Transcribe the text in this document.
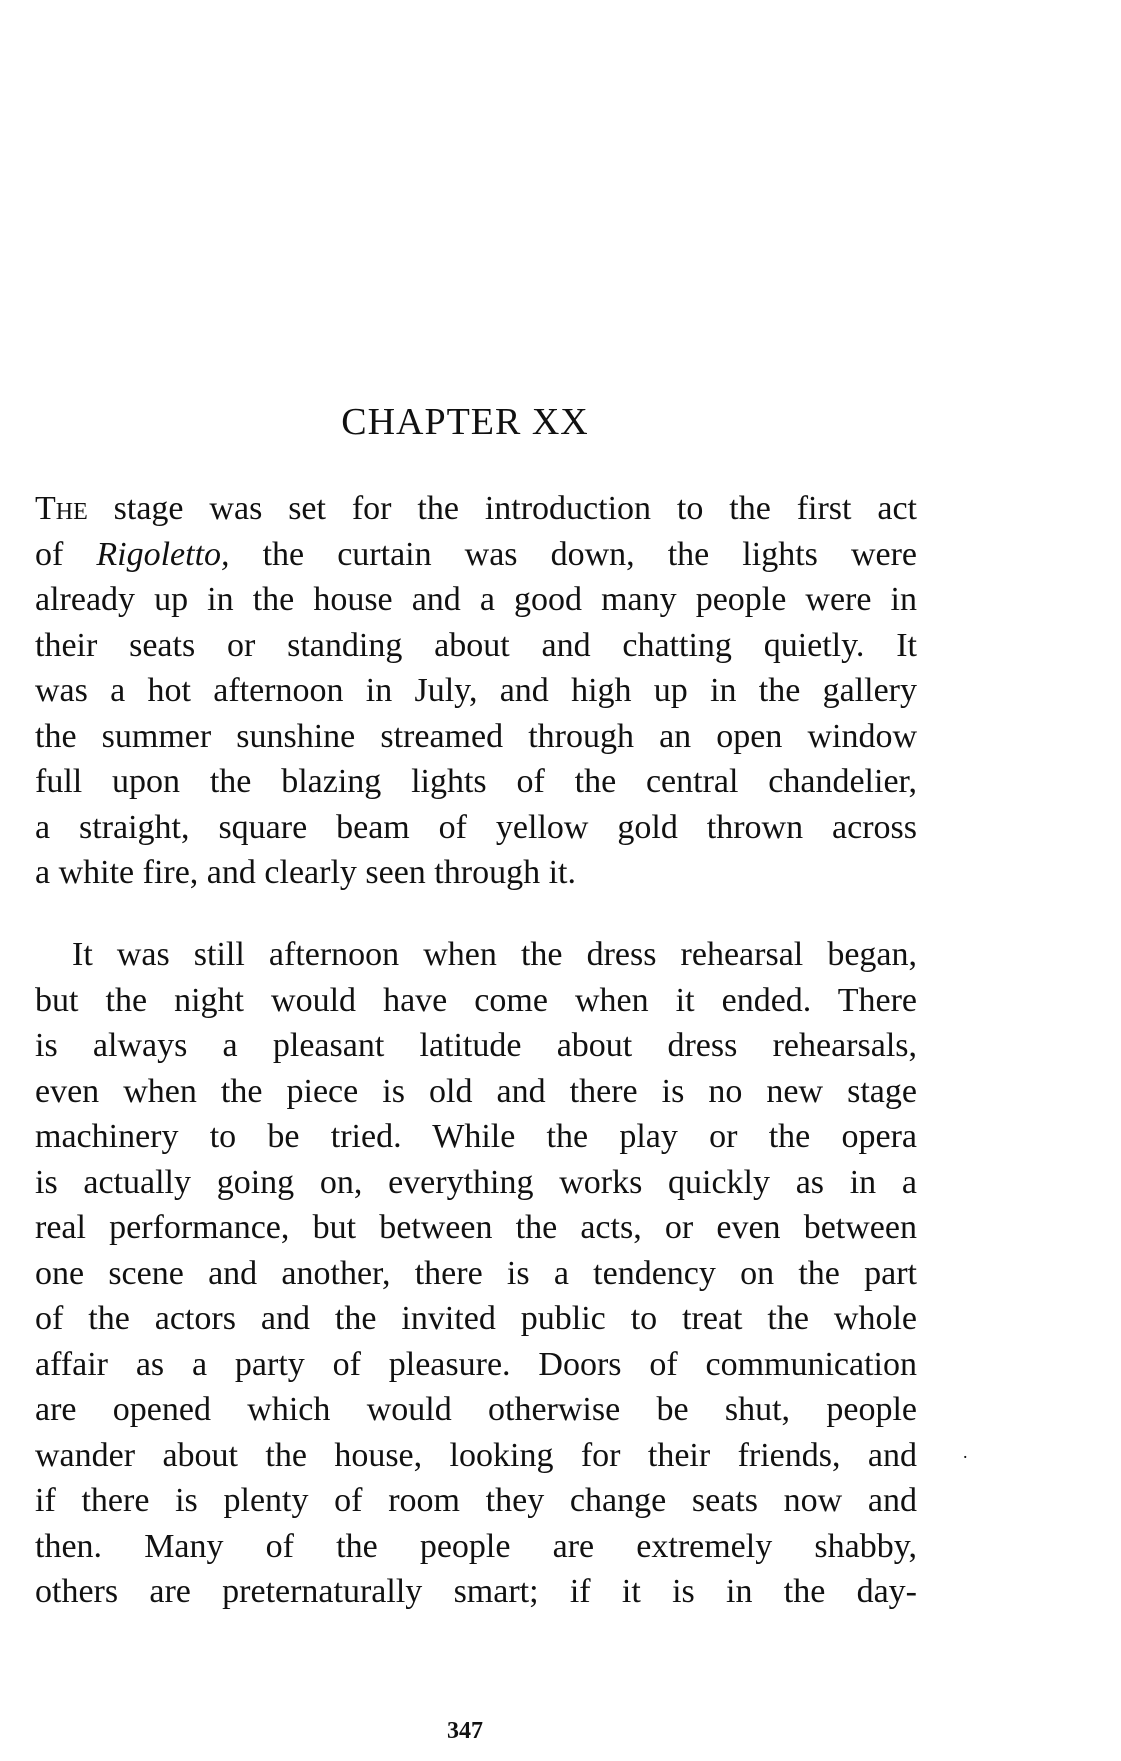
CHAPTER XX
The stage was set for the introduction to the first act
of Rigoletto, the curtain was down, the lights were
already up in the house and a good many people were in
their seats or standing about and chatting quietly. It
was a hot afternoon in July, and high up in the gallery
the summer sunshine streamed through an open window
full upon the blazing lights of the central chandelier,
a straight, square beam of yellow gold thrown across
a white fire, and clearly seen through it.
It was still afternoon when the dress rehearsal began,
but the night would have come when it ended. There
is always a pleasant latitude about dress rehearsals,
even when the piece is old and there is no new stage
machinery to be tried. While the play or the opera
is actually going on, everything works quickly as in a
real performance, but between the acts, or even between
one scene and another, there is a tendency on the part
of the actors and the invited public to treat the whole
affair as a party of pleasure. Doors of communication
are opened which would otherwise be shut, people
wander about the house, looking for their friends, and
if there is plenty of room they change seats now and
then. Many of the people are extremely shabby,
others are preternaturally smart; if it is in the day-
.
347
